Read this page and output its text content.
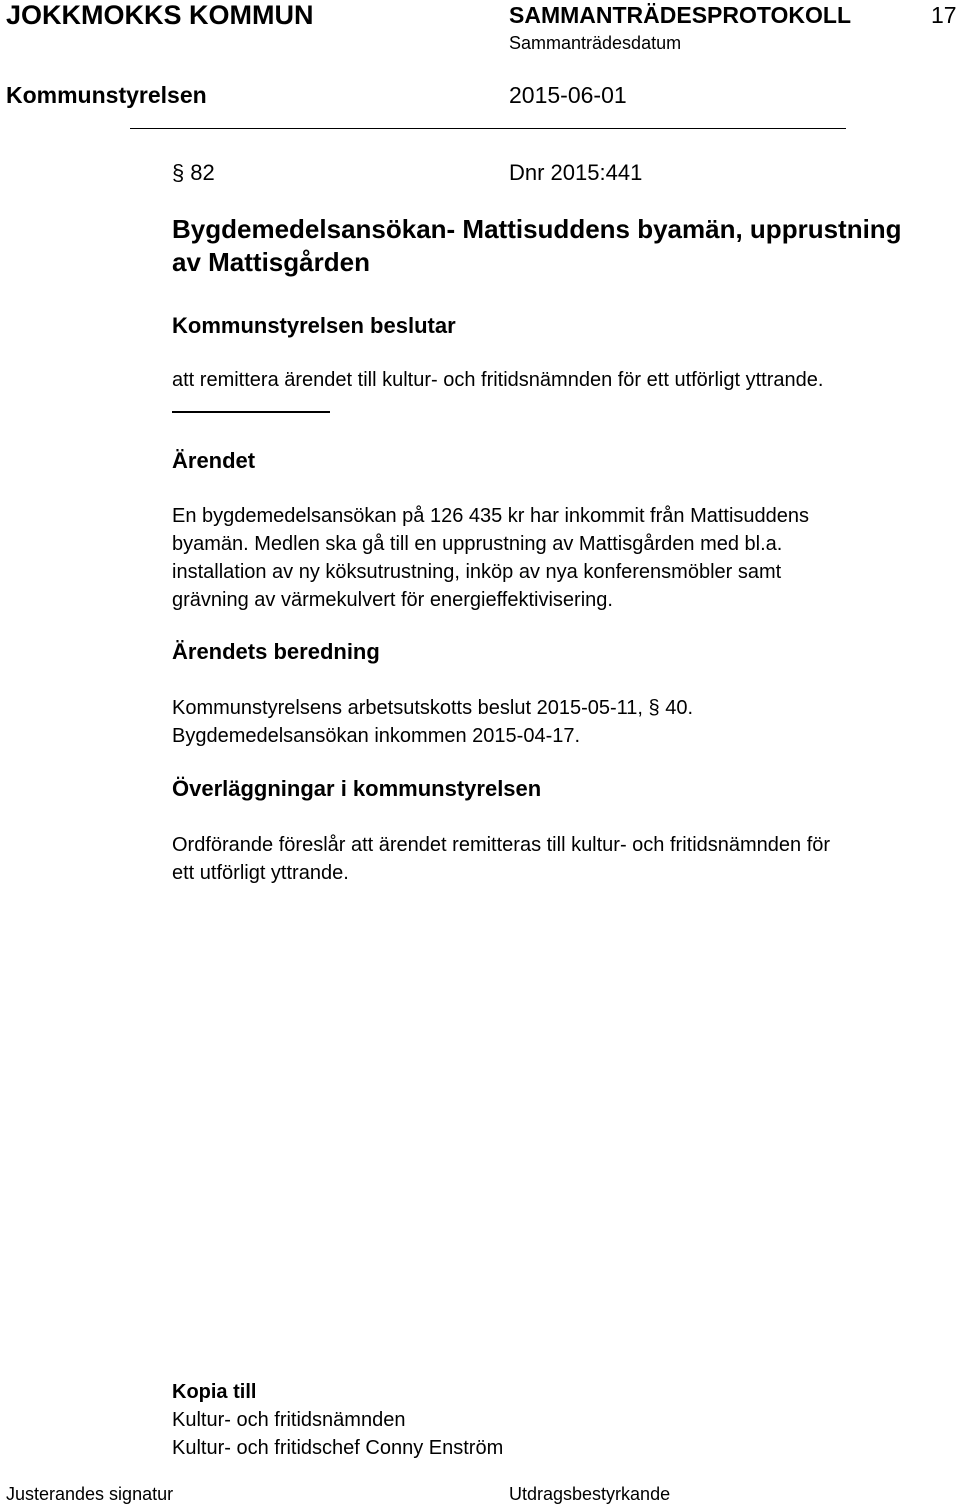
JOKKMOKKS KOMMUN	SAMMANTRÄDESPROTOKOLL	17
Sammanträdesdatum
Kommunstyrelsen	2015-06-01
§ 82	Dnr 2015:441
Bygdemedelsansökan- Mattisuddens byamän, upprustning
av Mattisgården
Kommunstyrelsen beslutar
att remittera ärendet till kultur- och fritidsnämnden för ett utförligt yttrande.
Ärendet
En bygdemedelsansökan på 126 435 kr har inkommit från Mattisuddens
byamän. Medlen ska gå till en upprustning av Mattisgården med bl.a.
installation av ny köksutrustning, inköp av nya konferensmöbler samt
grävning av värmekulvert för energieffektivisering.
Ärendets beredning
Kommunstyrelsens arbetsutskotts beslut 2015-05-11, § 40.
Bygdemedelsansökan inkommen 2015-04-17.
Överläggningar i kommunstyrelsen
Ordförande föreslår att ärendet remitteras till kultur- och fritidsnämnden för
ett utförligt yttrande.
Kopia till
Kultur- och fritidsnämnden
Kultur- och fritidschef Conny Enström
Justerandes signatur	Utdragsbestyrkande
